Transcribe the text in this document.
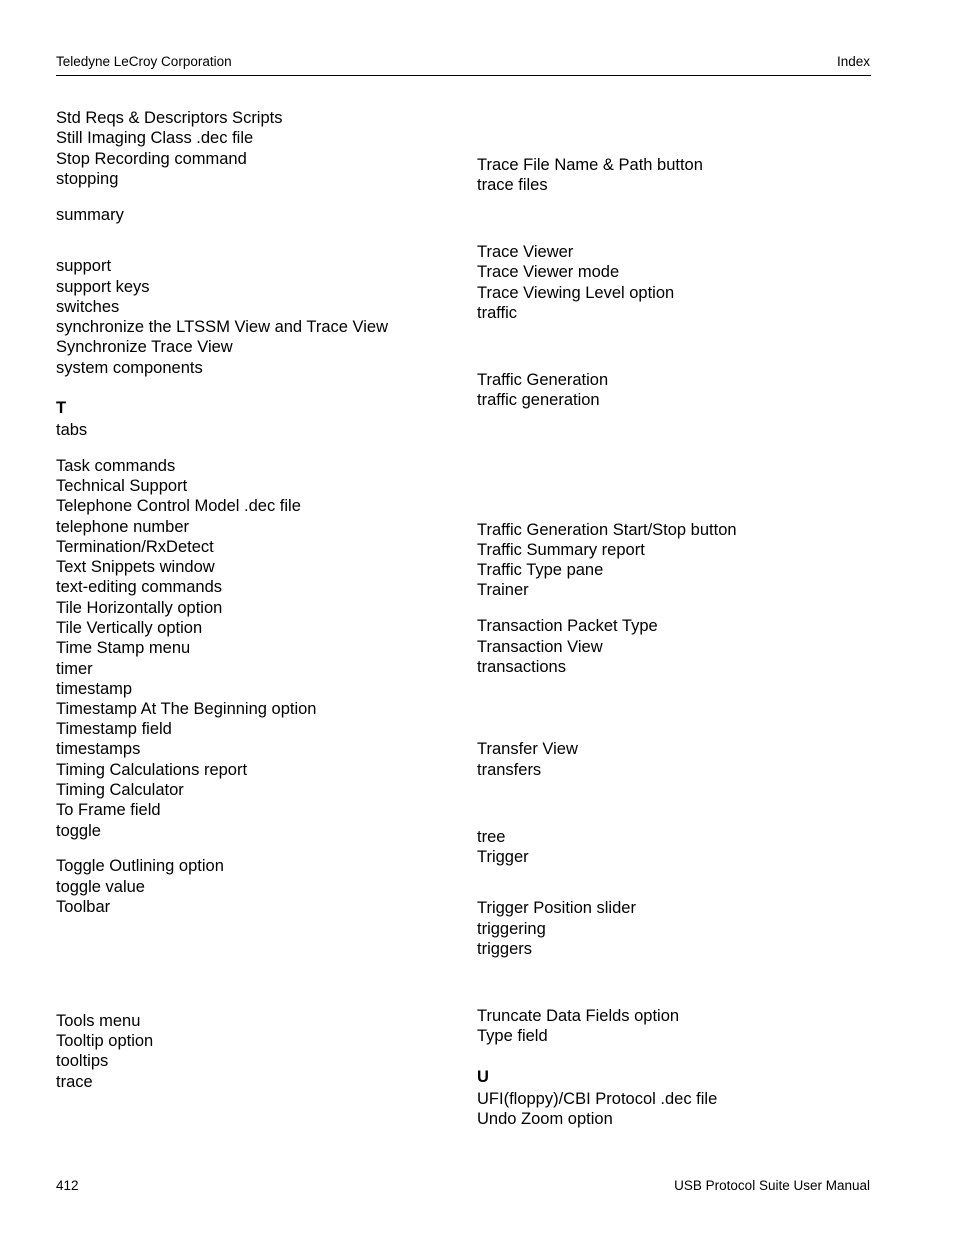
Teledyne LeCroy Corporation	Index
Std Reqs & Descriptors Scripts
Still Imaging Class .dec file
Stop Recording command
stopping
summary
support
support keys
switches
synchronize the LTSSM View and Trace View
Synchronize Trace View
system components
T
tabs
Task commands
Technical Support
Telephone Control Model .dec file
telephone number
Termination/RxDetect
Text Snippets window
text-editing commands
Tile Horizontally option
Tile Vertically option
Time Stamp menu
timer
timestamp
Timestamp At The Beginning option
Timestamp field
timestamps
Timing Calculations report
Timing Calculator
To Frame field
toggle
Toggle Outlining option
toggle value
Toolbar
Tools menu
Tooltip option
tooltips
trace
Trace File Name & Path button
trace files
Trace Viewer
Trace Viewer mode
Trace Viewing Level option
traffic
Traffic Generation
traffic generation
Traffic Generation Start/Stop button
Traffic Summary report
Traffic Type pane
Trainer
Transaction Packet Type
Transaction View
transactions
Transfer View
transfers
tree
Trigger
Trigger Position slider
triggering
triggers
Truncate Data Fields option
Type field
U
UFI(floppy)/CBI Protocol .dec file
Undo Zoom option
412	USB Protocol Suite User Manual
